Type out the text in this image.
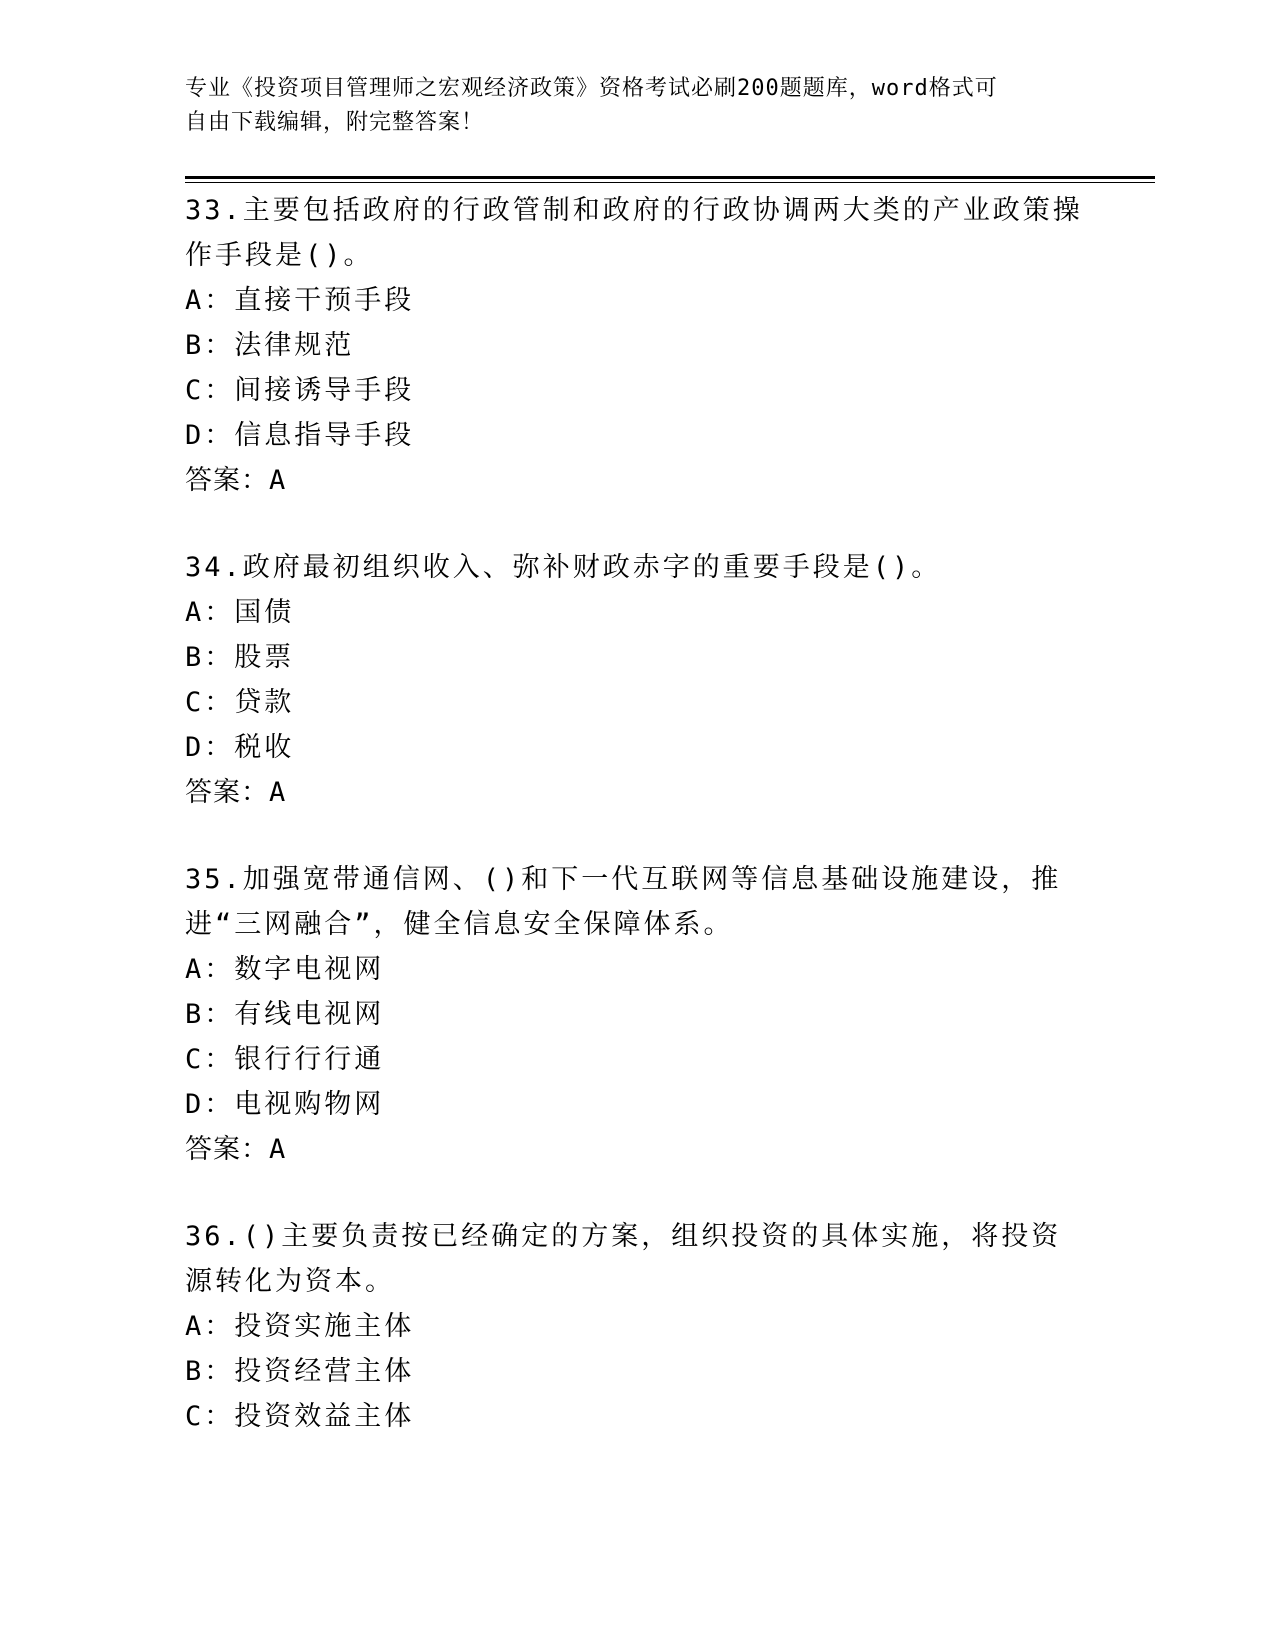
专业《投资项目管理师之宏观经济政策》资格考试必刷200题题库，word格式可
自由下载编辑，附完整答案！

33.主要包括政府的行政管制和政府的行政协调两大类的产业政策操作手段是()。

A：直接干预手段

B：法律规范

C：间接诱导手段

D：信息指导手段

答案：A

34.政府最初组织收入、弥补财政赤字的重要手段是()。

A：国债

B：股票

C：贷款

D：税收

答案：A

35.加强宽带通信网、()和下一代互联网等信息基础设施建设，推进“三网融合”，健全信息安全保障体系。

A：数字电视网

B：有线电视网

C：银行行行通

D：电视购物网

答案：A

36.()主要负责按已经确定的方案，组织投资的具体实施，将投资源转化为资本。

A：投资实施主体

B：投资经营主体

C：投资效益主体
